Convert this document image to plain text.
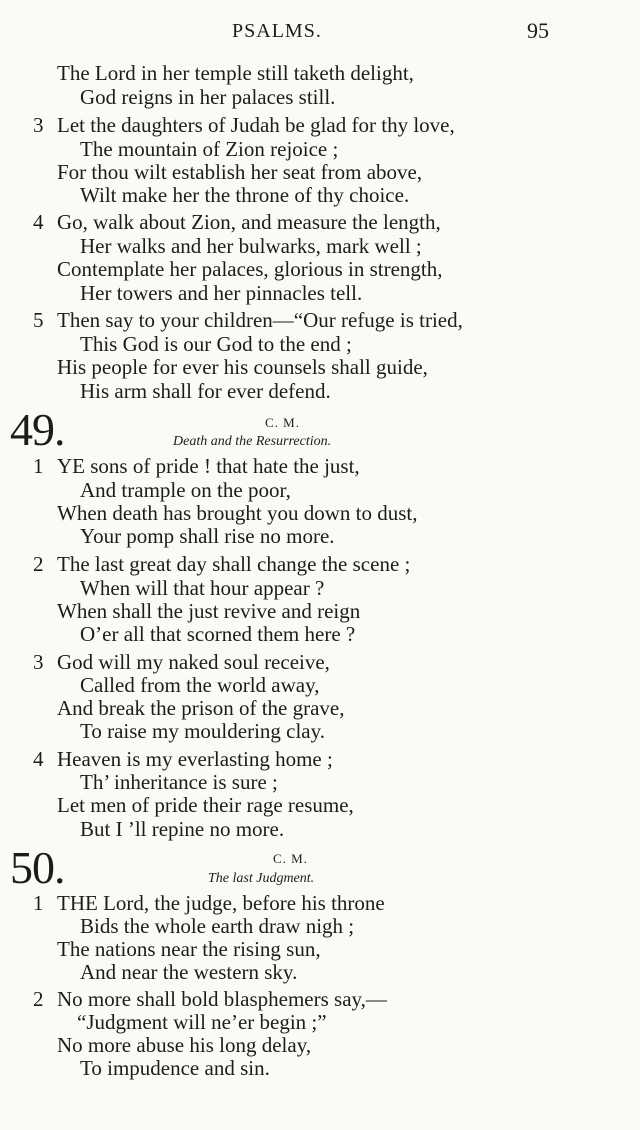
PSALMS.	95
The Lord in her temple still taketh delight,
God reigns in her palaces still.
3 Let the daughters of Judah be glad for thy love,
The mountain of Zion rejoice ;
For thou wilt establish her seat from above,
Wilt make her the throne of thy choice.
4 Go, walk about Zion, and measure the length,
Her walks and her bulwarks, mark well ;
Contemplate her palaces, glorious in strength,
Her towers and her pinnacles tell.
5 Then say to your children—“Our refuge is tried,
This God is our God to the end ;
His people for ever his counsels shall guide,
His arm shall for ever defend.
49.	C. M.
Death and the Resurrection.
1 YE sons of pride ! that hate the just,
And trample on the poor,
When death has brought you down to dust,
Your pomp shall rise no more.
2 The last great day shall change the scene ;
When will that hour appear ?
When shall the just revive and reign
O’er all that scorned them here ?
3 God will my naked soul receive,
Called from the world away,
And break the prison of the grave,
To raise my mouldering clay.
4 Heaven is my everlasting home ;
Th’ inheritance is sure ;
Let men of pride their rage resume,
But I ’ll repine no more.
50.	C. M.
The last Judgment.
1 THE Lord, the judge, before his throne
Bids the whole earth draw nigh ;
The nations near the rising sun,
And near the western sky.
2 No more shall bold blasphemers say,—
“Judgment will ne’er begin ;”
No more abuse his long delay,
To impudence and sin.
